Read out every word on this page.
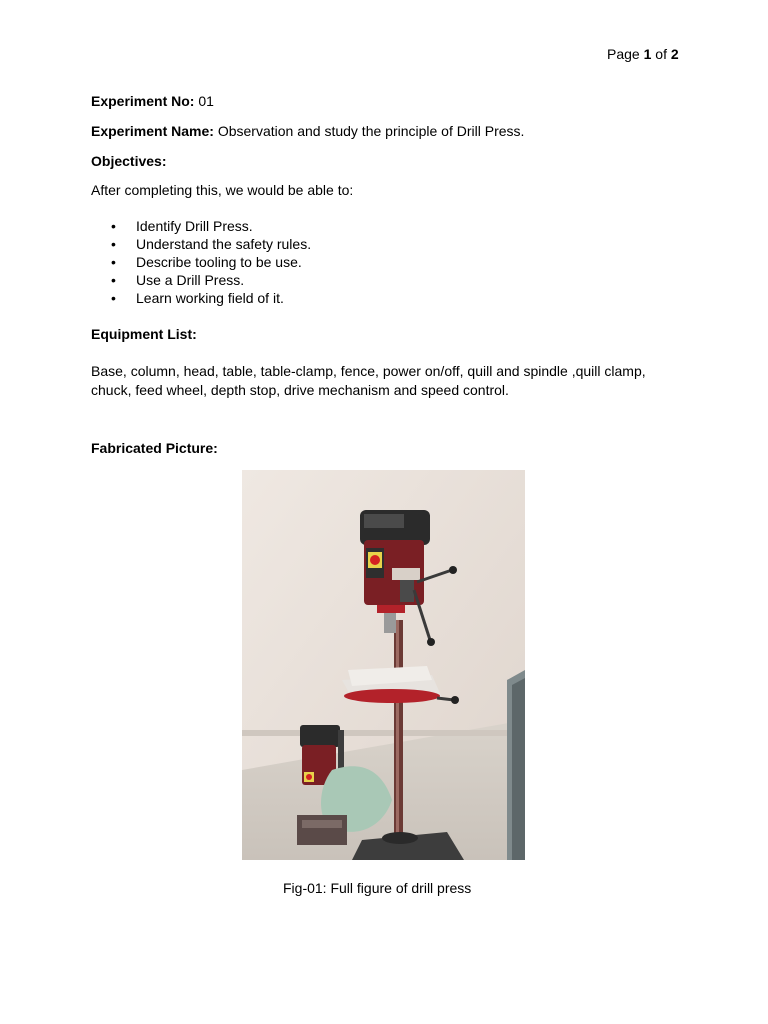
Page 1 of 2
Experiment No: 01
Experiment Name: Observation and study the principle of Drill Press.
Objectives:
After completing this, we would be able to:
• Identify Drill Press.
• Understand the safety rules.
• Describe tooling to be use.
• Use a Drill Press.
• Learn working field of it.
Equipment List:
Base, column, head, table, table-clamp, fence, power on/off, quill and spindle ,quill clamp, chuck, feed wheel, depth stop, drive mechanism and speed control.
Fabricated Picture:
Fig-01: Full figure of drill press
